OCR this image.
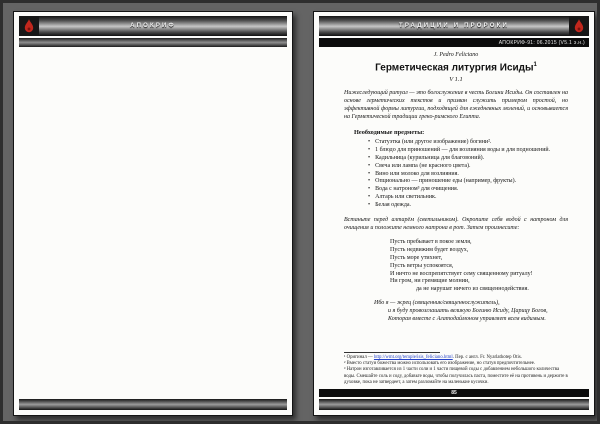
АПОКРИФ	ТРАДИЦИИ И ПРОРОКИ
АПОКРИФ-91: 06.2015 (V5.1 э.н.)
J. Pedro Feliciano
Герметическая литургия Исиды$^1$
V 1.1
Нижеследующий ритуал — это богослужение в честь Богини Исиды. Он составлен на основе герметических текстов и призван служить примером простой, но эффективной формы литургии, подходящей для ежедневных молений, и основывается на Герметической традиции греко-римского Египта.
Необходимые предметы:
• Статуэтка (или другое изображение) богини².
• 1 блюдо для приношений — для возлияния воды и для подношений.
• Кадильница (курильница для благовоний).
• Свеча или лампа (не красного цвета).
• Вино или молоко для возлияния.
• Опционально — приношение еды (например, фрукты).
• Вода с натроном³ для очищения.
• Алтарь или светильник.
• Белая одежда.
Встаньте перед алтарём (светильником). Окропите себя водой с натроном для очищения и положите немного натрона в рот. Затем произнесите:
Пусть пребывает в покое земля,
Пусть недвижим будет воздух,
Пусть море утихнет,
Пусть ветры успокоятся,
И ничто не воспрепятствует сему священному ритуалу!
Ни гром, ни гремящие молнии,
да не нарушат ничего из священнодействия.
Ибо я — жрец (священник/священнослужитель),
и я буду провозглашать великую Богиню Исиду, Царицу Богов,
Которая вместе с Агатодаймоном управляет всем видимым.
¹ Оригинал — http://wmt.org/temple/isis_feliciano.html. Пер. с англ. Fr. Nyarlathotep Otis.
² Вместо статуи божества можно использовать его изображение, но статуя предпочтительнее.
³ Натрон изготавливается из 1 части соли и 1 части пищевой соды с добавлением небольшого количества воды. Смешайте соль и соду, добавьте воды, чтобы получилась паста, поместите её на противень и держите в духовке, пока не затвердеет, а затем разломайте на маленькие кусочки.
85
